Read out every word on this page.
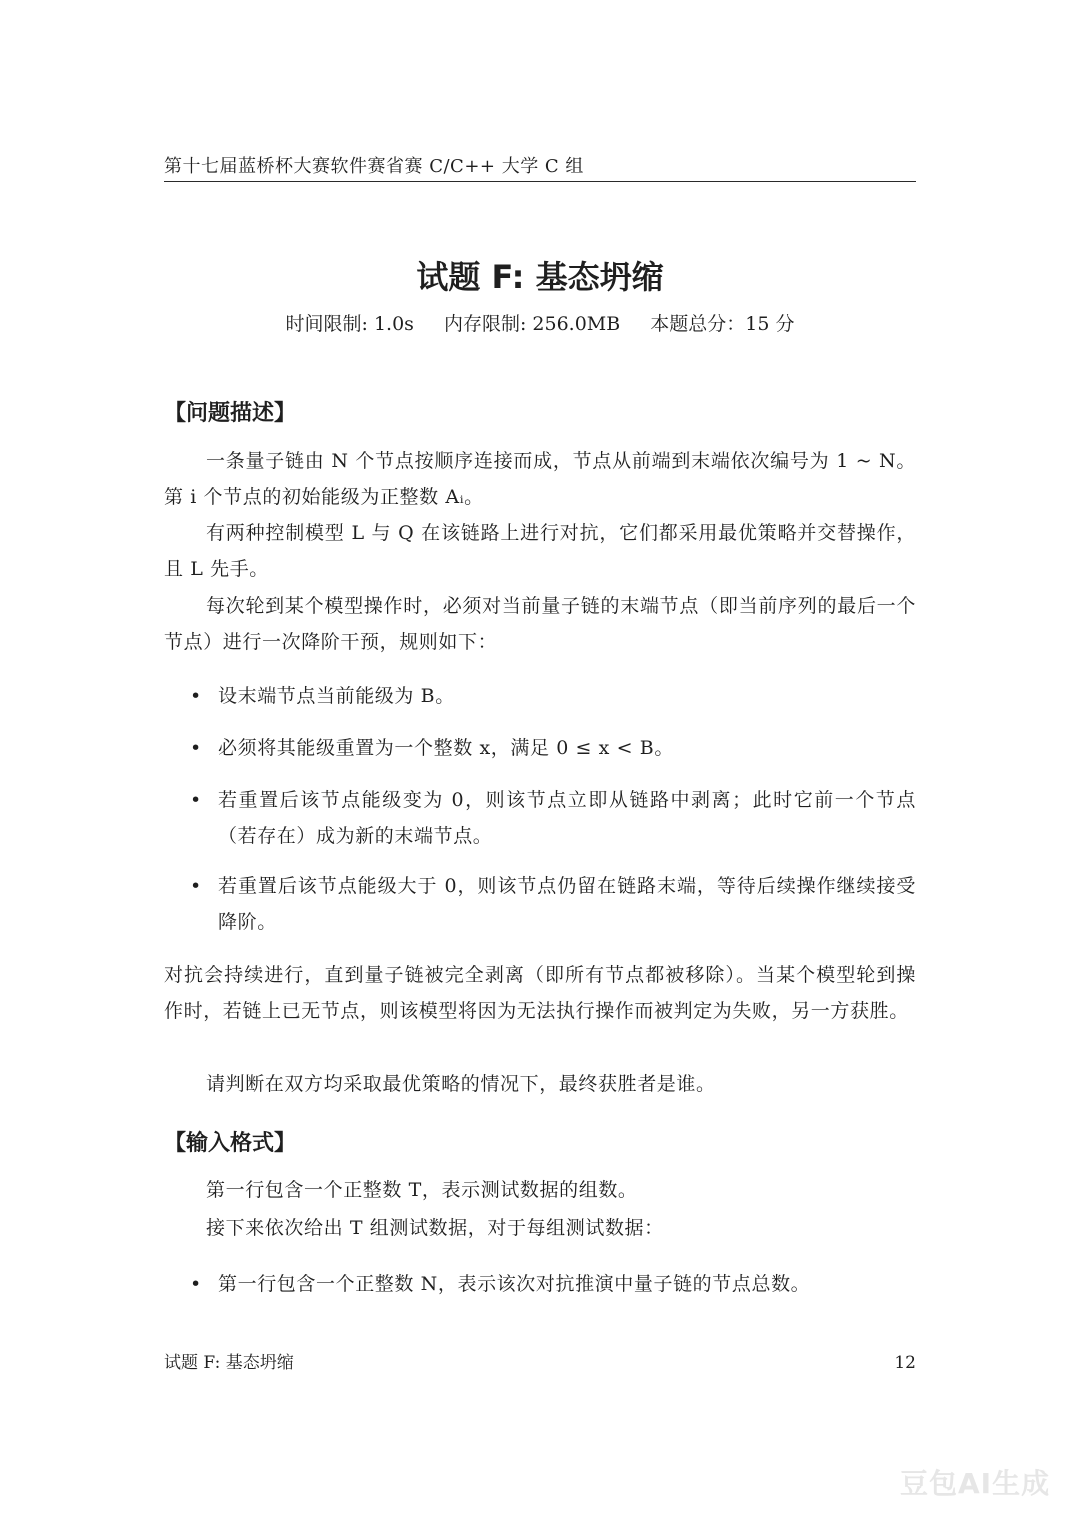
第十七届蓝桥杯大赛软件赛省赛 C/C++ 大学 C 组
试题 F: 基态坍缩
时间限制: 1.0s 内存限制: 256.0MB 本题总分：15 分
【问题描述】
一条量子链由 N 个节点按顺序连接而成，节点从前端到末端依次编号为 1 ~ N。第 i 个节点的初始能级为正整数 Aᵢ。
有两种控制模型 L 与 Q 在该链路上进行对抗，它们都采用最优策略并交替操作，且 L 先手。
每次轮到某个模型操作时，必须对当前量子链的末端节点（即当前序列的最后一个节点）进行一次降阶干预，规则如下：
• 设末端节点当前能级为 B。
• 必须将其能级重置为一个整数 x，满足 0 ≤ x < B。
• 若重置后该节点能级变为 0，则该节点立即从链路中剥离；此时它前一个节点（若存在）成为新的末端节点。
• 若重置后该节点能级大于 0，则该节点仍留在链路末端，等待后续操作继续接受降阶。
对抗会持续进行，直到量子链被完全剥离（即所有节点都被移除）。当某个模型轮到操作时，若链上已无节点，则该模型将因为无法执行操作而被判定为失败，另一方获胜。
请判断在双方均采取最优策略的情况下，最终获胜者是谁。
【输入格式】
第一行包含一个正整数 T，表示测试数据的组数。
接下来依次给出 T 组测试数据，对于每组测试数据：
• 第一行包含一个正整数 N，表示该次对抗推演中量子链的节点总数。
试题 F: 基态坍缩	12
豆包AI生成
